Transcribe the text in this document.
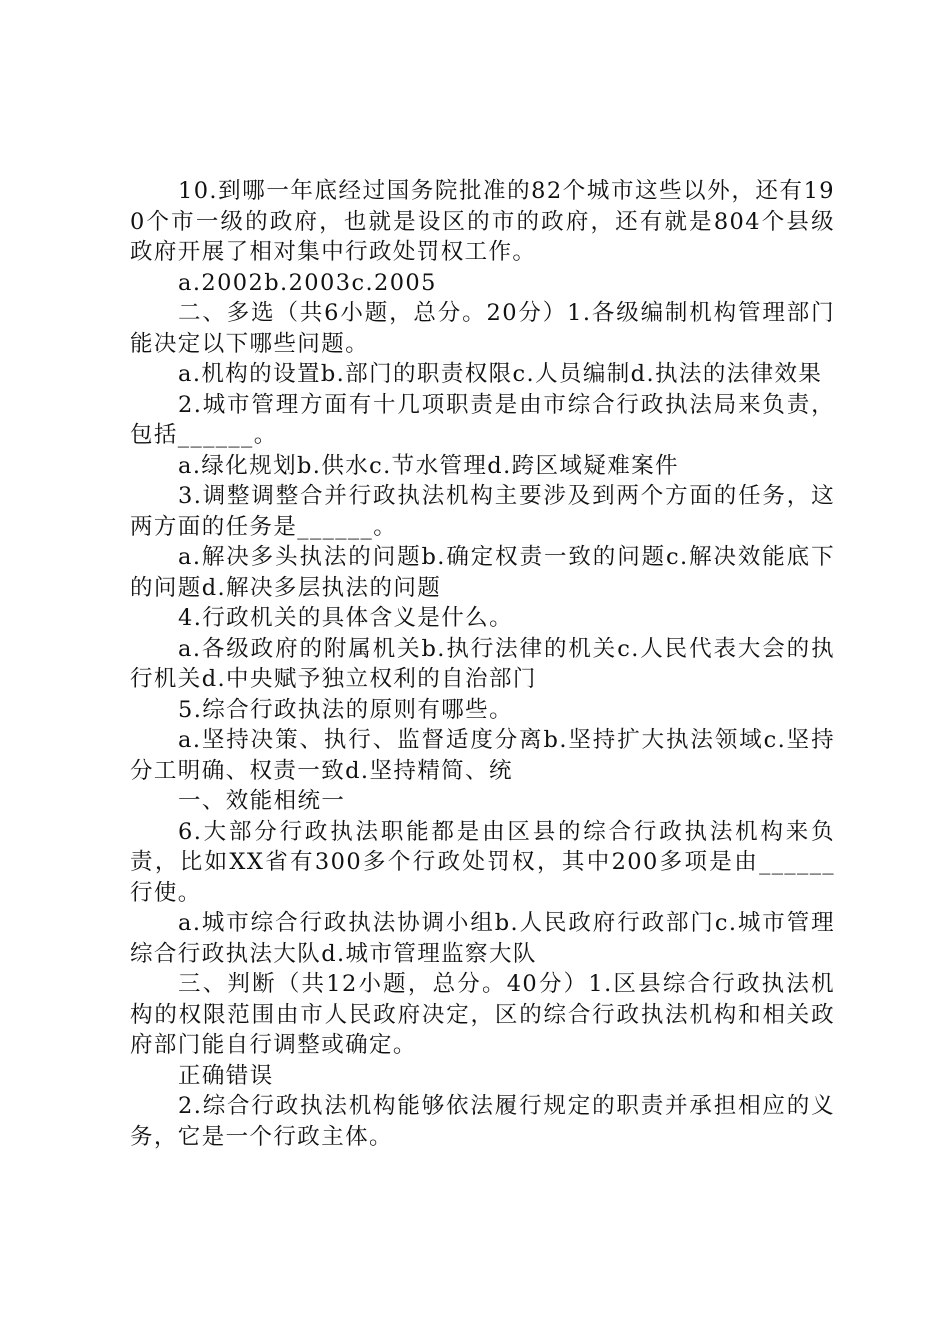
10.到哪一年底经过国务院批准的82个城市这些以外，还有190个市一级的政府，也就是设区的市的政府，还有就是804个县级政府开展了相对集中行政处罚权工作。

a.2002b.2003c.2005

二、多选（共6小题，总分。20分）1.各级编制机构管理部门能决定以下哪些问题。

a.机构的设置b.部门的职责权限c.人员编制d.执法的法律效果

2.城市管理方面有十几项职责是由市综合行政执法局来负责，包括______。

a.绿化规划b.供水c.节水管理d.跨区域疑难案件

3.调整调整合并行政执法机构主要涉及到两个方面的任务，这两方面的任务是______。

a.解决多头执法的问题b.确定权责一致的问题c.解决效能底下的问题d.解决多层执法的问题

4.行政机关的具体含义是什么。

a.各级政府的附属机关b.执行法律的机关c.人民代表大会的执行机关d.中央赋予独立权利的自治部门

5.综合行政执法的原则有哪些。

a.坚持决策、执行、监督适度分离b.坚持扩大执法领域c.坚持分工明确、权责一致d.坚持精简、统

一、效能相统一

6.大部分行政执法职能都是由区县的综合行政执法机构来负责，比如XX省有300多个行政处罚权，其中200多项是由______行使。

a.城市综合行政执法协调小组b.人民政府行政部门c.城市管理综合行政执法大队d.城市管理监察大队

三、判断（共12小题，总分。40分）1.区县综合行政执法机构的权限范围由市人民政府决定，区的综合行政执法机构和相关政府部门能自行调整或确定。

正确错误

2.综合行政执法机构能够依法履行规定的职责并承担相应的义务，它是一个行政主体。
